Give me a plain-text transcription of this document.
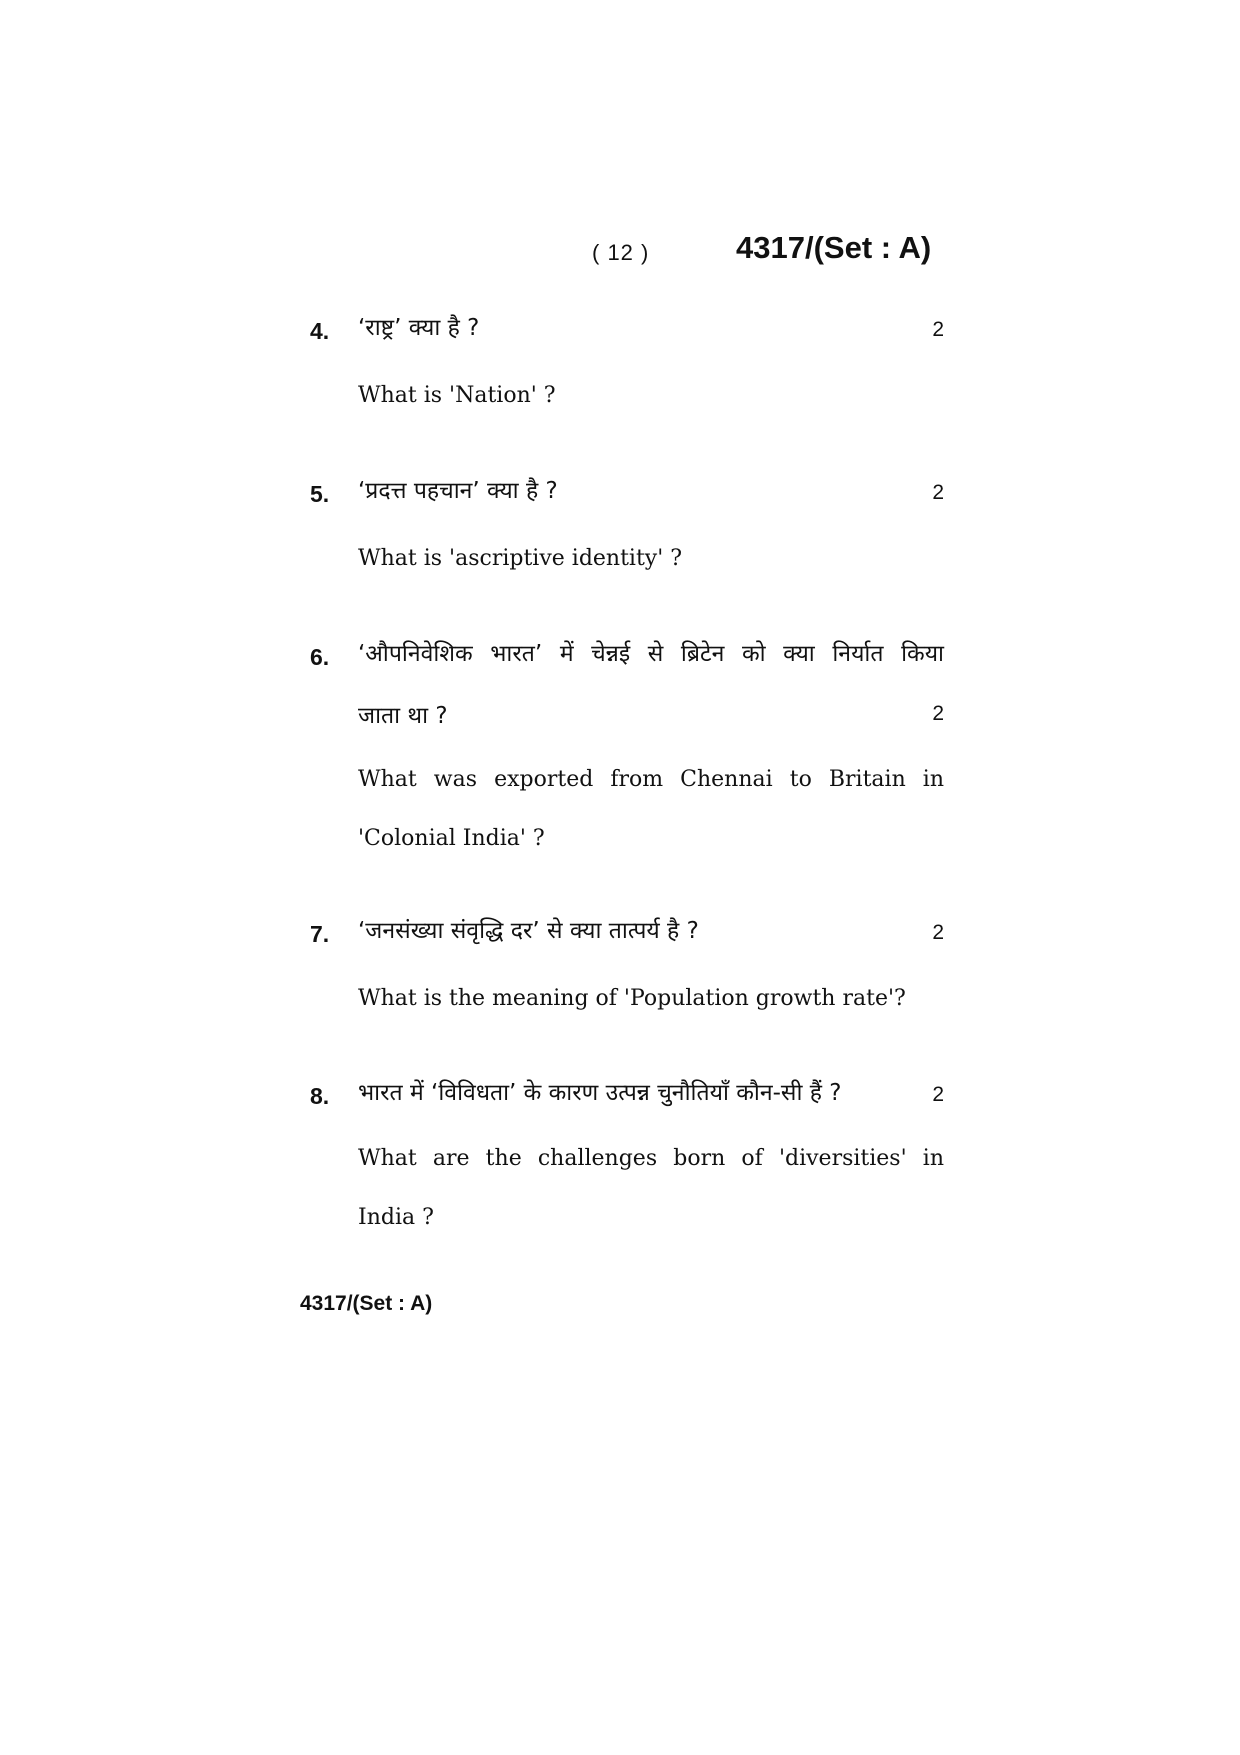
( 12 )	4317/(Set : A)
4. ‘राष्ट्र’ क्या है ?	2
What is 'Nation' ?
5. ‘प्रदत्त पहचान’ क्या है ?	2
What is 'ascriptive identity' ?
6. ‘औपनिवेशिक भारत’ में चेन्नई से ब्रिटेन को क्या निर्यात किया
जाता था ?	2
What was exported from Chennai to Britain in
'Colonial India' ?
7. ‘जनसंख्या संवृद्धि दर’ से क्या तात्पर्य है ?	2
What is the meaning of 'Population growth rate'?
8. भारत में ‘विविधता’ के कारण उत्पन्न चुनौतियाँ कौन-सी हैं ?	2
What are the challenges born of 'diversities' in
India ?
4317/(Set : A)
